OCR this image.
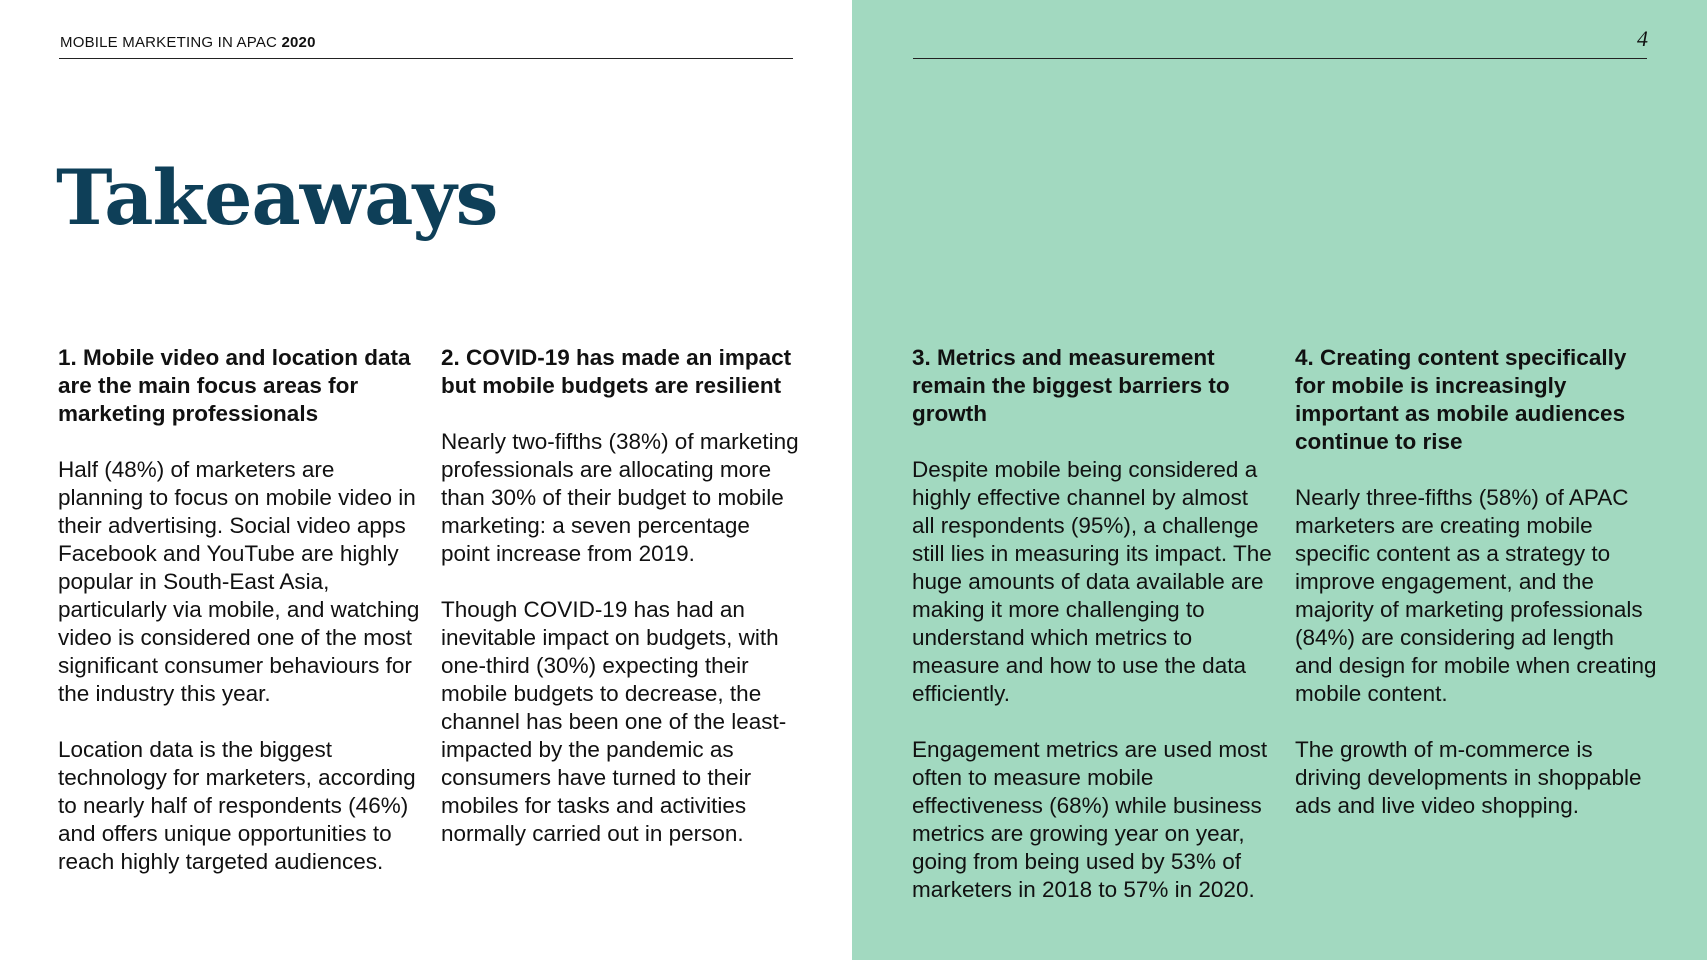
MOBILE MARKETING IN APAC 2020	4
Takeaways
1. Mobile video and location data are the main focus areas for marketing professionals

Half (48%) of marketers are planning to focus on mobile video in their advertising. Social video apps Facebook and YouTube are highly popular in South-East Asia, particularly via mobile, and watching video is considered one of the most significant consumer behaviours for the industry this year.

Location data is the biggest technology for marketers, according to nearly half of respondents (46%) and offers unique opportunities to reach highly targeted audiences.

2. COVID-19 has made an impact but mobile budgets are resilient

Nearly two-fifths (38%) of marketing professionals are allocating more than 30% of their budget to mobile marketing: a seven percentage point increase from 2019.

Though COVID-19 has had an inevitable impact on budgets, with one-third (30%) expecting their mobile budgets to decrease, the channel has been one of the least-impacted by the pandemic as consumers have turned to their mobiles for tasks and activities normally carried out in person.

3. Metrics and measurement remain the biggest barriers to growth

Despite mobile being considered a highly effective channel by almost all respondents (95%), a challenge still lies in measuring its impact. The huge amounts of data available are making it more challenging to understand which metrics to measure and how to use the data efficiently.

Engagement metrics are used most often to measure mobile effectiveness (68%) while business metrics are growing year on year, going from being used by 53% of marketers in 2018 to 57% in 2020.

4. Creating content specifically for mobile is increasingly important as mobile audiences continue to rise

Nearly three-fifths (58%) of APAC marketers are creating mobile specific content as a strategy to improve engagement, and the majority of marketing professionals (84%) are considering ad length and design for mobile when creating mobile content.

The growth of m-commerce is driving developments in shoppable ads and live video shopping.
